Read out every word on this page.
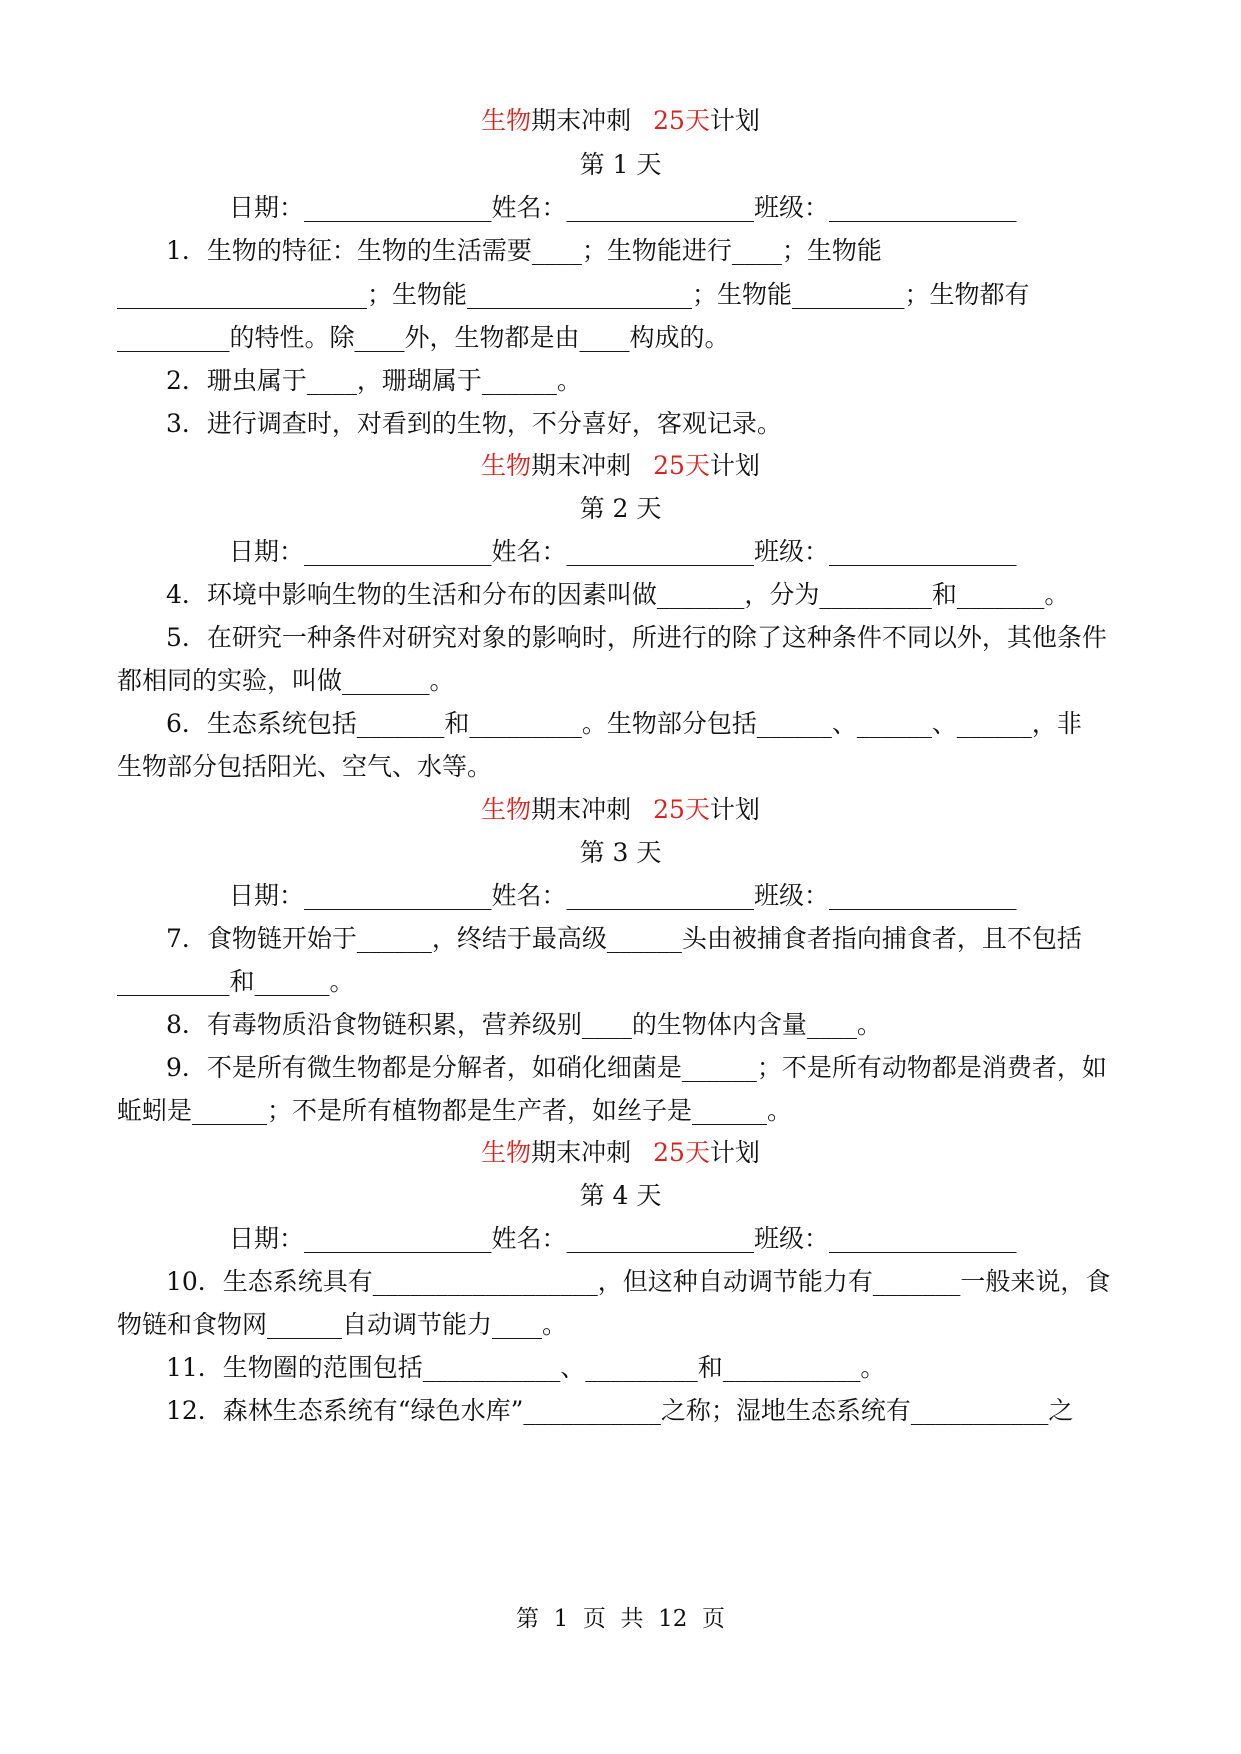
生物期末冲刺 25天计划
第 1 天
日期：_______________姓名：_______________班级：_______________
1．生物的特征：生物的生活需要____；生物能进行____；生物能
____________________；生物能__________________；生物能_________；生物都有
_________的特性。除____外，生物都是由____构成的。
2．珊虫属于____，珊瑚属于______。
3．进行调查时，对看到的生物，不分喜好，客观记录。
生物期末冲刺 25天计划
第 2 天
日期：_______________姓名：_______________班级：_______________
4．环境中影响生物的生活和分布的因素叫做_______，分为_________和_______。
5．在研究一种条件对研究对象的影响时，所进行的除了这种条件不同以外，其他条件
都相同的实验，叫做_______。
6．生态系统包括_______和_________。生物部分包括______、______、______，非
生物部分包括阳光、空气、水等。
生物期末冲刺 25天计划
第 3 天
日期：_______________姓名：_______________班级：_______________
7．食物链开始于______，终结于最高级______头由被捕食者指向捕食者，且不包括
_________和______。
8．有毒物质沿食物链积累，营养级别____的生物体内含量____。
9．不是所有微生物都是分解者，如硝化细菌是______；不是所有动物都是消费者，如
蚯蚓是______；不是所有植物都是生产者，如丝子是______。
生物期末冲刺 25天计划
第 4 天
日期：_______________姓名：_______________班级：_______________
10．生态系统具有__________________，但这种自动调节能力有_______一般来说，食
物链和食物网______自动调节能力____。
11．生物圈的范围包括___________、_________和___________。
12．森林生态系统有“绿色水库”___________之称；湿地生态系统有___________之
第  1  页  共  12  页
